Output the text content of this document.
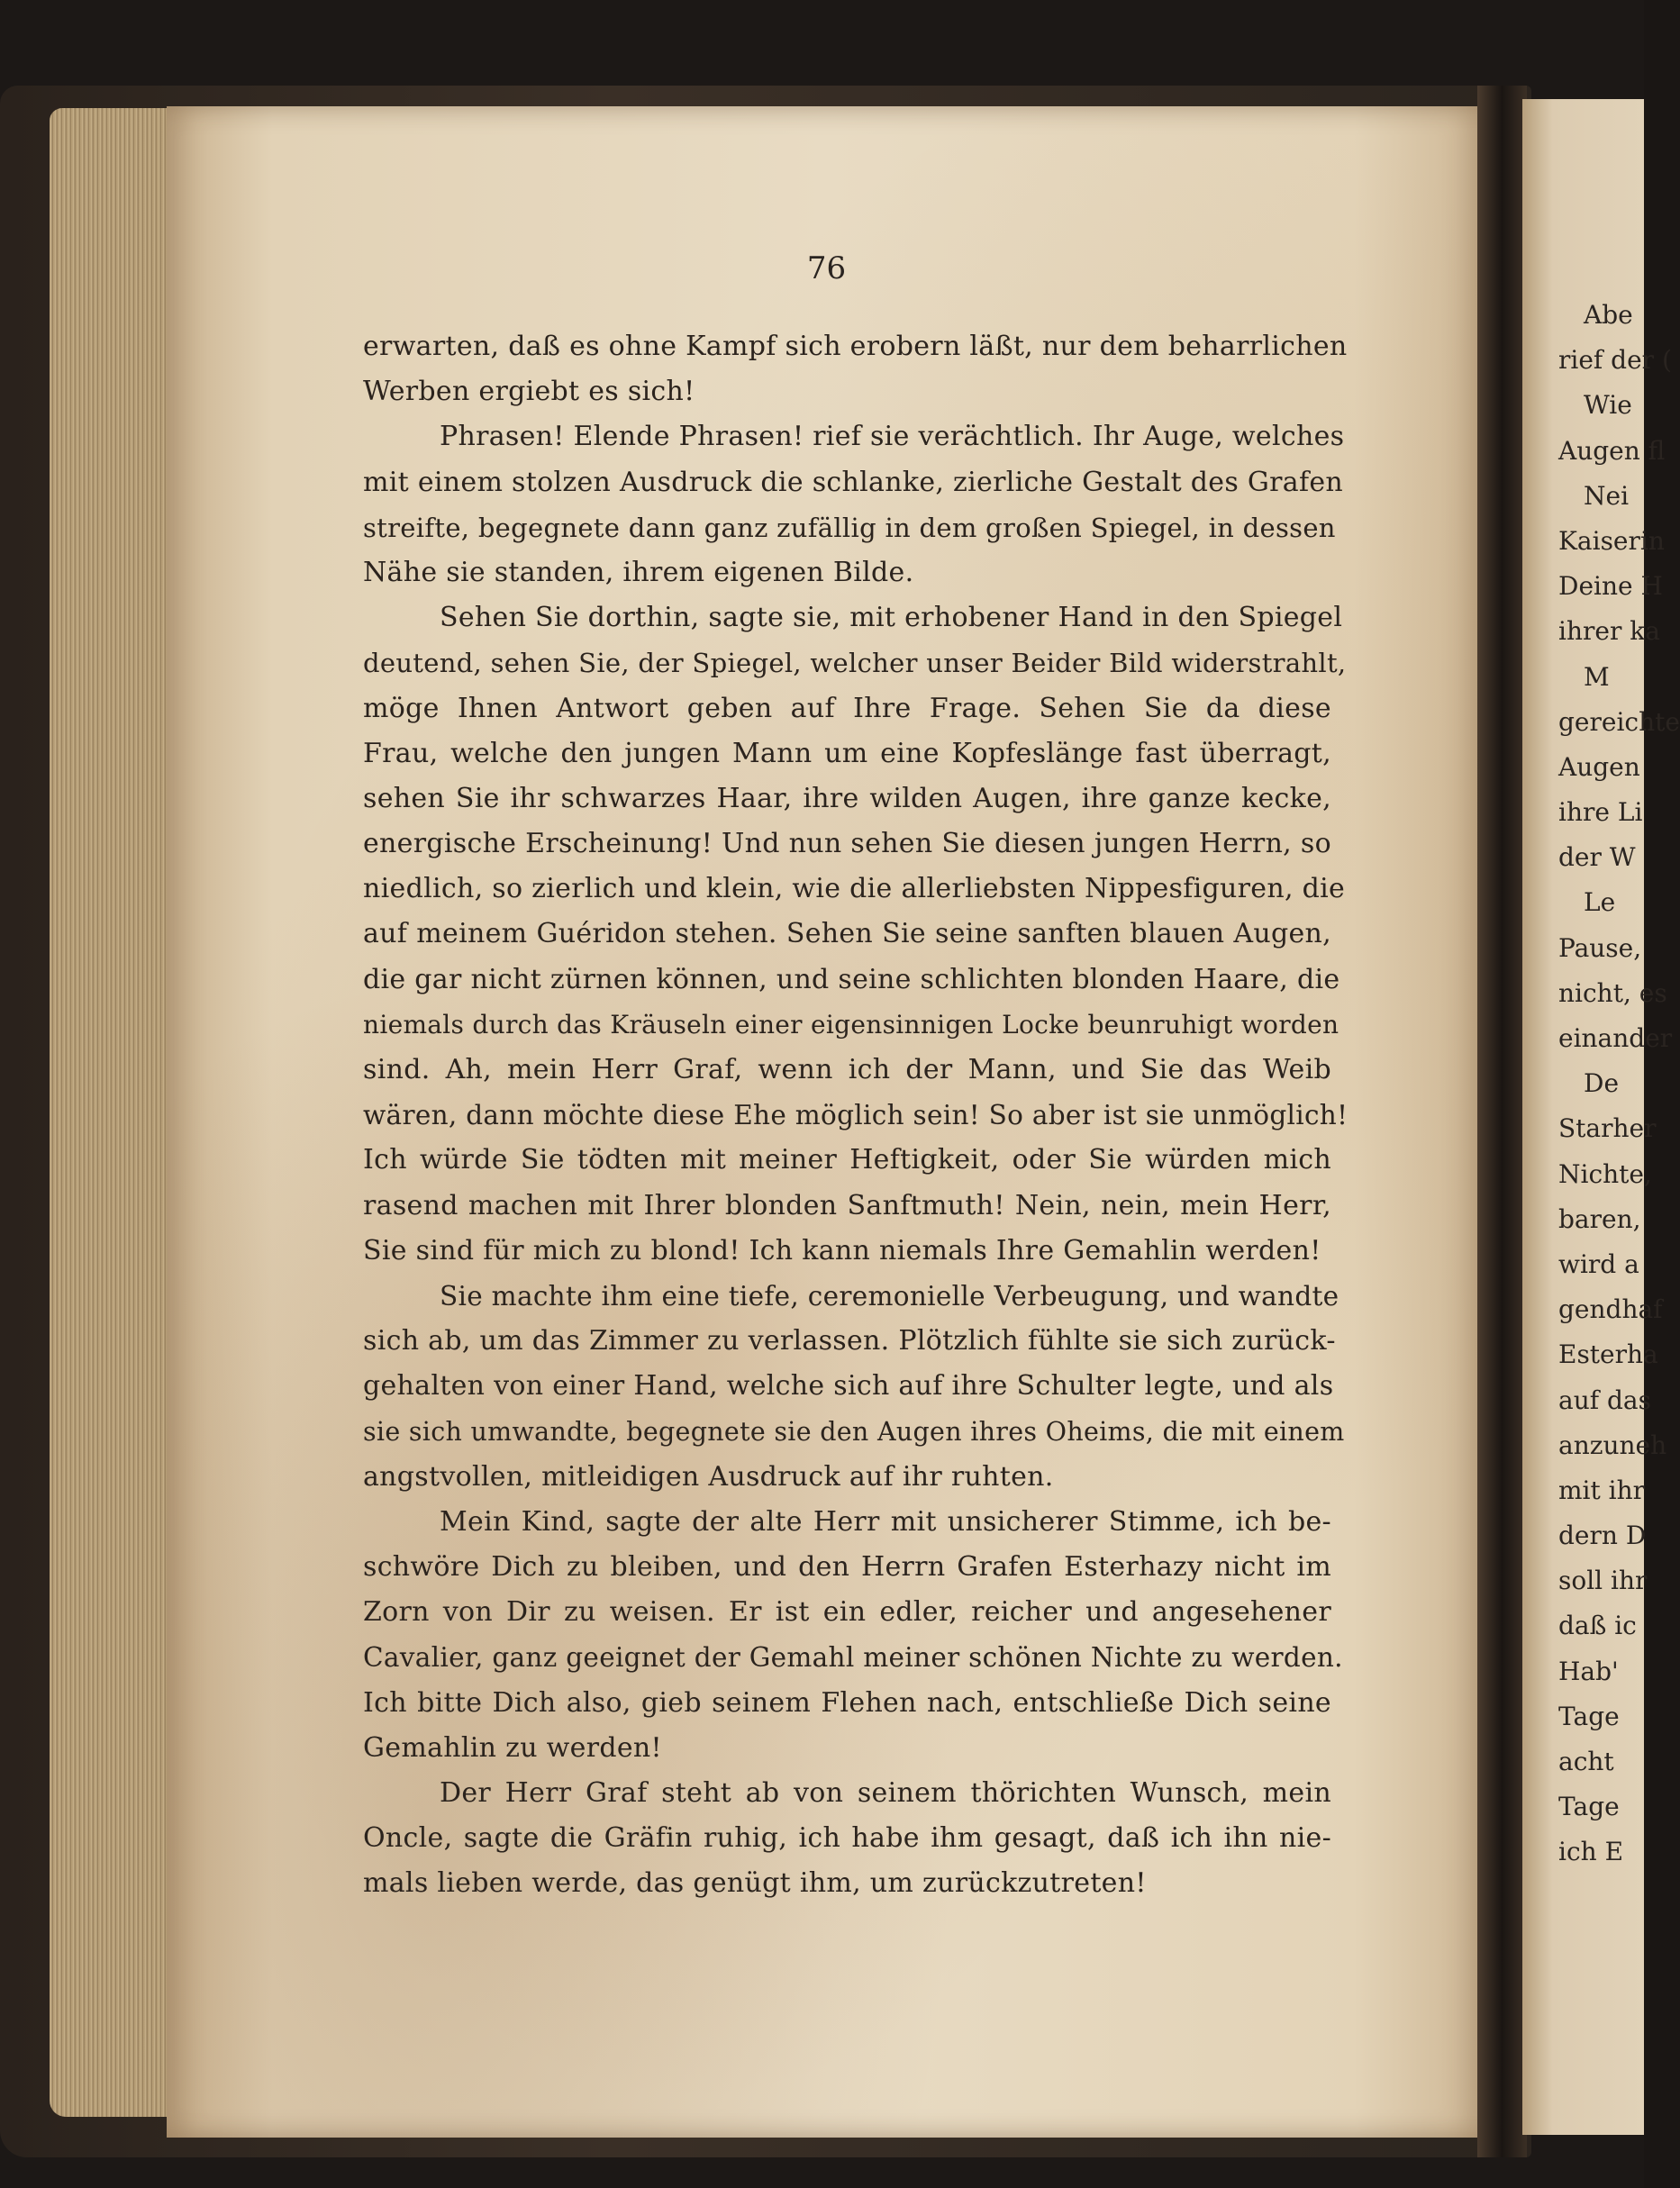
76
erwarten, daß es ohne Kampf sich erobern läßt, nur dem beharrlichen
Werben ergiebt es sich!
Phrasen! Elende Phrasen! rief sie verächtlich. Ihr Auge, welches
mit einem stolzen Ausdruck die schlanke, zierliche Gestalt des Grafen
streifte, begegnete dann ganz zufällig in dem großen Spiegel, in dessen
Nähe sie standen, ihrem eigenen Bilde.
Sehen Sie dorthin, sagte sie, mit erhobener Hand in den Spiegel
deutend, sehen Sie, der Spiegel, welcher unser Beider Bild widerstrahlt,
möge Ihnen Antwort geben auf Ihre Frage. Sehen Sie da diese
Frau, welche den jungen Mann um eine Kopfeslänge fast überragt,
sehen Sie ihr schwarzes Haar, ihre wilden Augen, ihre ganze kecke,
energische Erscheinung! Und nun sehen Sie diesen jungen Herrn, so
niedlich, so zierlich und klein, wie die allerliebsten Nippesfiguren, die
auf meinem Guéridon stehen. Sehen Sie seine sanften blauen Augen,
die gar nicht zürnen können, und seine schlichten blonden Haare, die
niemals durch das Kräuseln einer eigensinnigen Locke beunruhigt worden
sind. Ah, mein Herr Graf, wenn ich der Mann, und Sie das Weib
wären, dann möchte diese Ehe möglich sein! So aber ist sie unmöglich!
Ich würde Sie tödten mit meiner Heftigkeit, oder Sie würden mich
rasend machen mit Ihrer blonden Sanftmuth! Nein, nein, mein Herr,
Sie sind für mich zu blond! Ich kann niemals Ihre Gemahlin werden!
Sie machte ihm eine tiefe, ceremonielle Verbeugung, und wandte
sich ab, um das Zimmer zu verlassen. Plötzlich fühlte sie sich zurück-
gehalten von einer Hand, welche sich auf ihre Schulter legte, und als
sie sich umwandte, begegnete sie den Augen ihres Oheims, die mit einem
angstvollen, mitleidigen Ausdruck auf ihr ruhten.
Mein Kind, sagte der alte Herr mit unsicherer Stimme, ich be-
schwöre Dich zu bleiben, und den Herrn Grafen Esterhazy nicht im
Zorn von Dir zu weisen. Er ist ein edler, reicher und angesehener
Cavalier, ganz geeignet der Gemahl meiner schönen Nichte zu werden.
Ich bitte Dich also, gieb seinem Flehen nach, entschließe Dich seine
Gemahlin zu werden!
Der Herr Graf steht ab von seinem thörichten Wunsch, mein
Oncle, sagte die Gräfin ruhig, ich habe ihm gesagt, daß ich ihn nie-
mals lieben werde, das genügt ihm, um zurückzutreten!
Abe
rief der (
Wie
Augen fl
Nei
Kaiserin
Deine H
ihrer ka
M
gereichte
Augen
ihre Li
der W
Le
Pause,
nicht, es
einander
De
Starher
Nichte,
baren,
wird a
gendhaf
Esterha
auf das
anzuneh
mit ihr
dern D
soll ihr
daß ic
Hab'
Tage
acht
Tage
ich E
